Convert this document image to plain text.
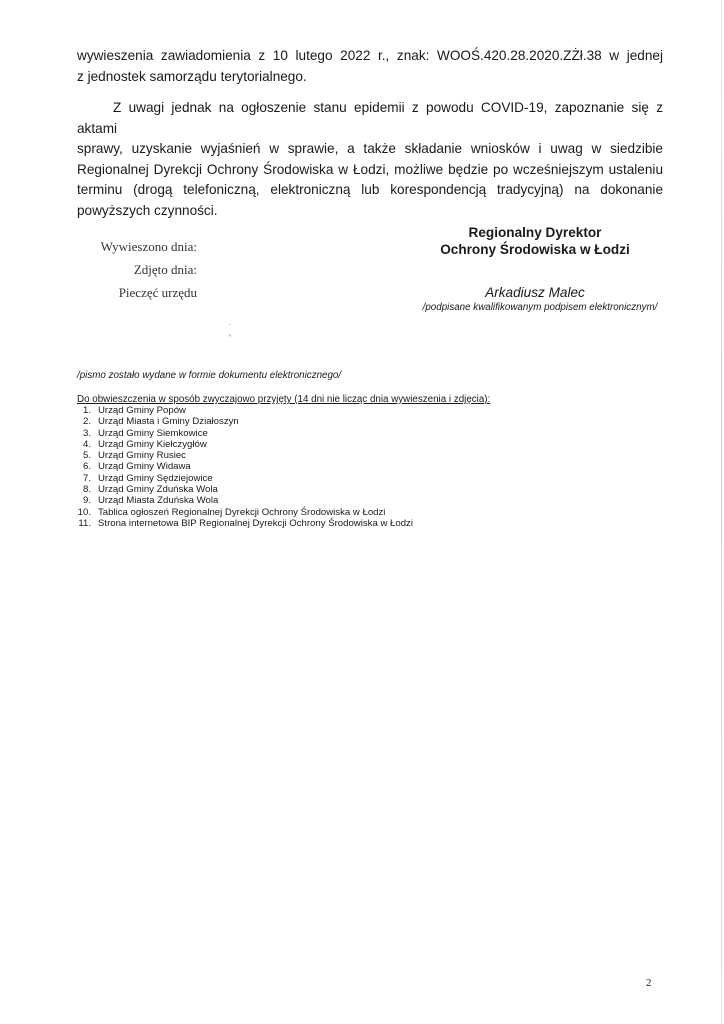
wywieszenia zawiadomienia z 10 lutego 2022 r., znak: WOOŚ.420.28.2020.ZŻł.38 w jednej
z jednostek samorządu terytorialnego.

Z uwagi jednak na ogłoszenie stanu epidemii z powodu COVID-19, zapoznanie się z aktami
sprawy, uzyskanie wyjaśnień w sprawie, a także składanie wniosków i uwag w siedzibie
Regionalnej Dyrekcji Ochrony Środowiska w Łodzi, możliwe będzie po wcześniejszym ustaleniu
terminu (drogą telefoniczną, elektroniczną lub korespondencją tradycyjną) na dokonanie
powyższych czynności.

Wywieszono dnia:
Zdjęto dnia:
Pieczęć urzędu
Regionalny Dyrektor
Ochrony Środowiska w Łodzi
Arkadiusz Malec
/podpisane kwalifikowanym podpisem elektronicznym/
˙
’
/pismo zostało wydane w formie dokumentu elektronicznego/
Do obwieszczenia w sposób zwyczajowo przyjęty (14 dni nie licząc dnia wywieszenia i zdjęcia):
1. Urząd Gminy Popów
2. Urząd Miasta i Gminy Działoszyn
3. Urząd Gminy Siemkowice
4. Urząd Gminy Kiełczygłów
5. Urząd Gminy Rusiec
6. Urząd Gminy Widawa
7. Urząd Gminy Sędziejowice
8. Urząd Gminy Zduńska Wola
9. Urząd Miasta Zduńska Wola
10. Tablica ogłoszeń Regionalnej Dyrekcji Ochrony Środowiska w Łodzi
11. Strona internetowa BIP Regionalnej Dyrekcji Ochrony Środowiska w Łodzi
2
